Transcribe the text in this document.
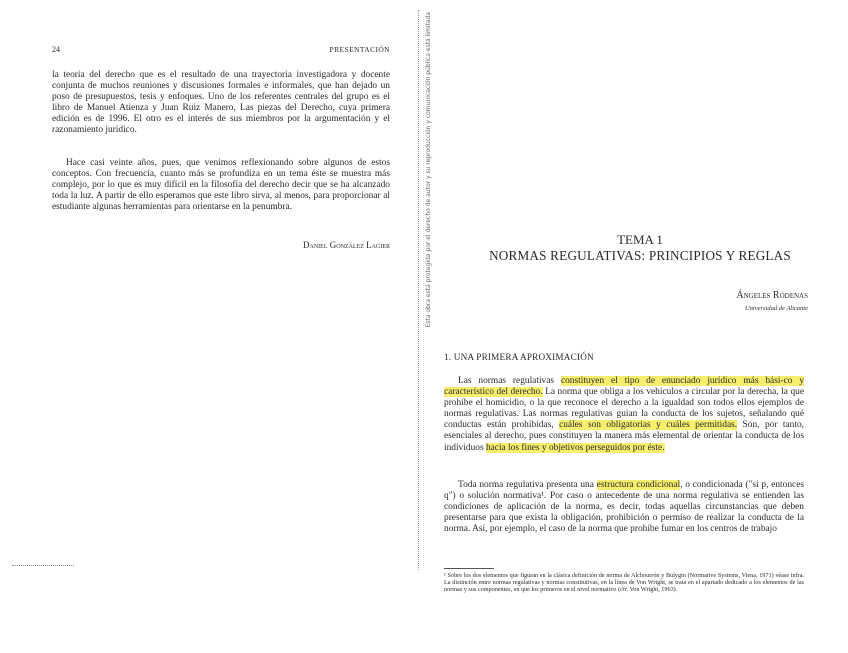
24	PRESENTACIÓN
la teoría del derecho que es el resultado de una trayectoria investigadora y docente conjunta de muchos reuniones y discusiones formales e informales, que han dejado un poso de presupuestos, tesis y enfoques. Uno de los referentes centrales del grupo es el libro de Manuel Atienza y Juan Ruiz Manero, Las piezas del Derecho, cuya primera edición es de 1996. El otro es el interés de sus miembros por la argumentación y el razonamiento jurídico.
Hace casi veinte años, pues, que venimos reflexionando sobre algunos de estos conceptos. Con frecuencia, cuanto más se profundiza en un tema éste se muestra más complejo, por lo que es muy difícil en la filosofía del derecho decir que se ha alcanzado toda la luz. A partir de ello esperamos que este libro sirva, al menos, para proporcionar al estudiante algunas herramientas para orientarse en la penumbra.
Daniel González Lagier	Esta obra está protegida por el derecho de autor y su reproducción y comunicación pública está limitada	TEMA 1
NORMAS REGULATIVAS: PRINCIPIOS Y REGLAS
Ángeles Ródenas
Universidad de Alicante
1. UNA PRIMERA APROXIMACIÓN
Las normas regulativas constituyen el tipo de enunciado jurídico más bási-co y característico del derecho. La norma que obliga a los vehículos a circular por la derecha, la que prohíbe el homicidio, o la que reconoce el derecho a la igualdad son todos ellos ejemplos de normas regulativas. Las normas regulativas guían la conducta de los sujetos, señalando qué conductas están prohibidas, cuáles son obligatorias y cuáles permitidas. Son, por tanto, esenciales al derecho, pues constituyen la manera más elemental de orientar la conducta de los individuos hacia los fines y objetivos perseguidos por éste.
Toda norma regulativa presenta una estructura condicional, o condicionada ("si p, entonces q") o solución normativa¹. Por caso o antecedente de una norma regulativa se entienden las condiciones de aplicación de la norma, es decir, todas aquellas circunstancias que deben presentarse para que exista la obligación, prohibición o permiso de realizar la conducta de la norma. Así, por ejemplo, el caso de la norma que prohíbe fumar en los centros de trabajo
¹ Sobre los dos elementos que figuran en la clásica definición de norma de Alchourrón y Bulygin (Normative Systems, Viena, 1971) véase infra. La distinción entre normas regulativas y normas constitutivas, en la línea de Von Wright, se trata en el apartado dedicado a los elementos de las normas y sus componentes, en que los primeros en el nivel normativo (cfr. Von Wright, 1963).
